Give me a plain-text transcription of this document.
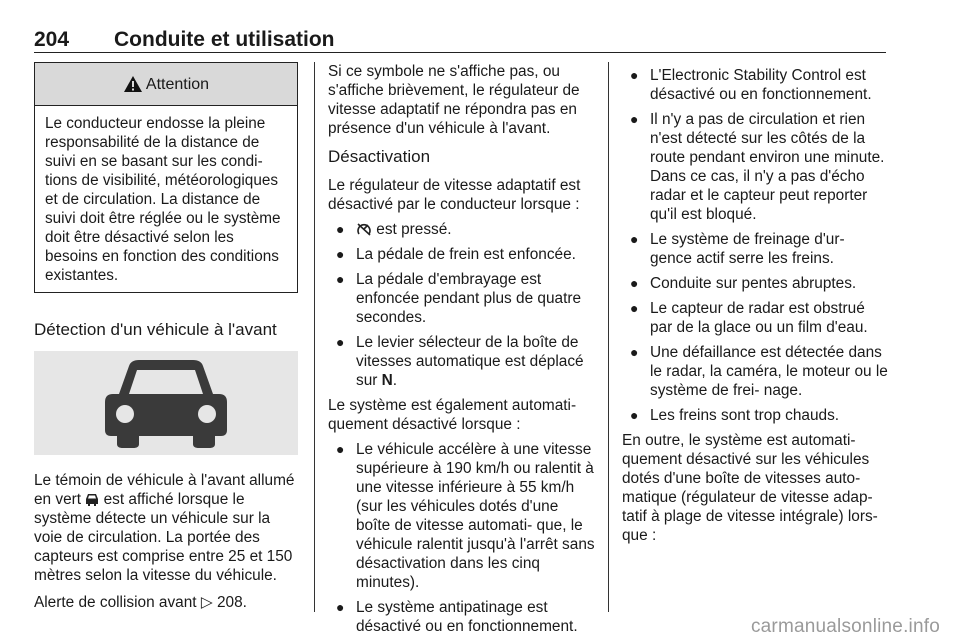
204 Conduite et utilisation
Attention
Le conducteur endosse la pleine responsabilité de la distance de suivi en se basant sur les condi- tions de visibilité, météorologiques et de circulation. La distance de suivi doit être réglée ou le système doit être désactivé selon les besoins en fonction des conditions existantes.
Détection d'un véhicule à l'avant

Le témoin de véhicule à l'avant allumé en vert est affiché lorsque le système détecte un véhicule sur la voie de circulation. La portée des capteurs est comprise entre 25 et 150 mètres selon la vitesse du véhicule.

Alerte de collision avant ▷ 208.

Si ce symbole ne s'affiche pas, ou s'affiche brièvement, le régulateur de vitesse adaptatif ne répondra pas en présence d'un véhicule à l'avant.

Désactivation

Le régulateur de vitesse adaptatif est désactivé par le conducteur lorsque :

● est pressé.
● La pédale de frein est enfoncée.
● La pédale d'embrayage est enfoncée pendant plus de quatre secondes.
● Le levier sélecteur de la boîte de vitesses automatique est déplacé sur N.

Le système est également automati- quement désactivé lorsque :

● Le véhicule accélère à une vitesse supérieure à 190 km/h ou ralentit à une vitesse inférieure à 55 km/h (sur les véhicules dotés d'une boîte de vitesse automati- que, le véhicule ralentit jusqu'à l'arrêt sans désactivation dans les cinq minutes).
● Le système antipatinage est désactivé ou en fonctionnement.
● L'Electronic Stability Control est désactivé ou en fonctionnement.
● Il n'y a pas de circulation et rien n'est détecté sur les côtés de la route pendant environ une minute. Dans ce cas, il n'y a pas d'écho radar et le capteur peut reporter qu'il est bloqué.
● Le système de freinage d'ur- gence actif serre les freins.
● Conduite sur pentes abruptes.
● Le capteur de radar est obstrué par de la glace ou un film d'eau.
● Une défaillance est détectée dans le radar, la caméra, le moteur ou le système de frei- nage.
● Les freins sont trop chauds.

En outre, le système est automati- quement désactivé sur les véhicules dotés d'une boîte de vitesses auto- matique (régulateur de vitesse adap- tatif à plage de vitesse intégrale) lors- que :

carmanualsonline.info
